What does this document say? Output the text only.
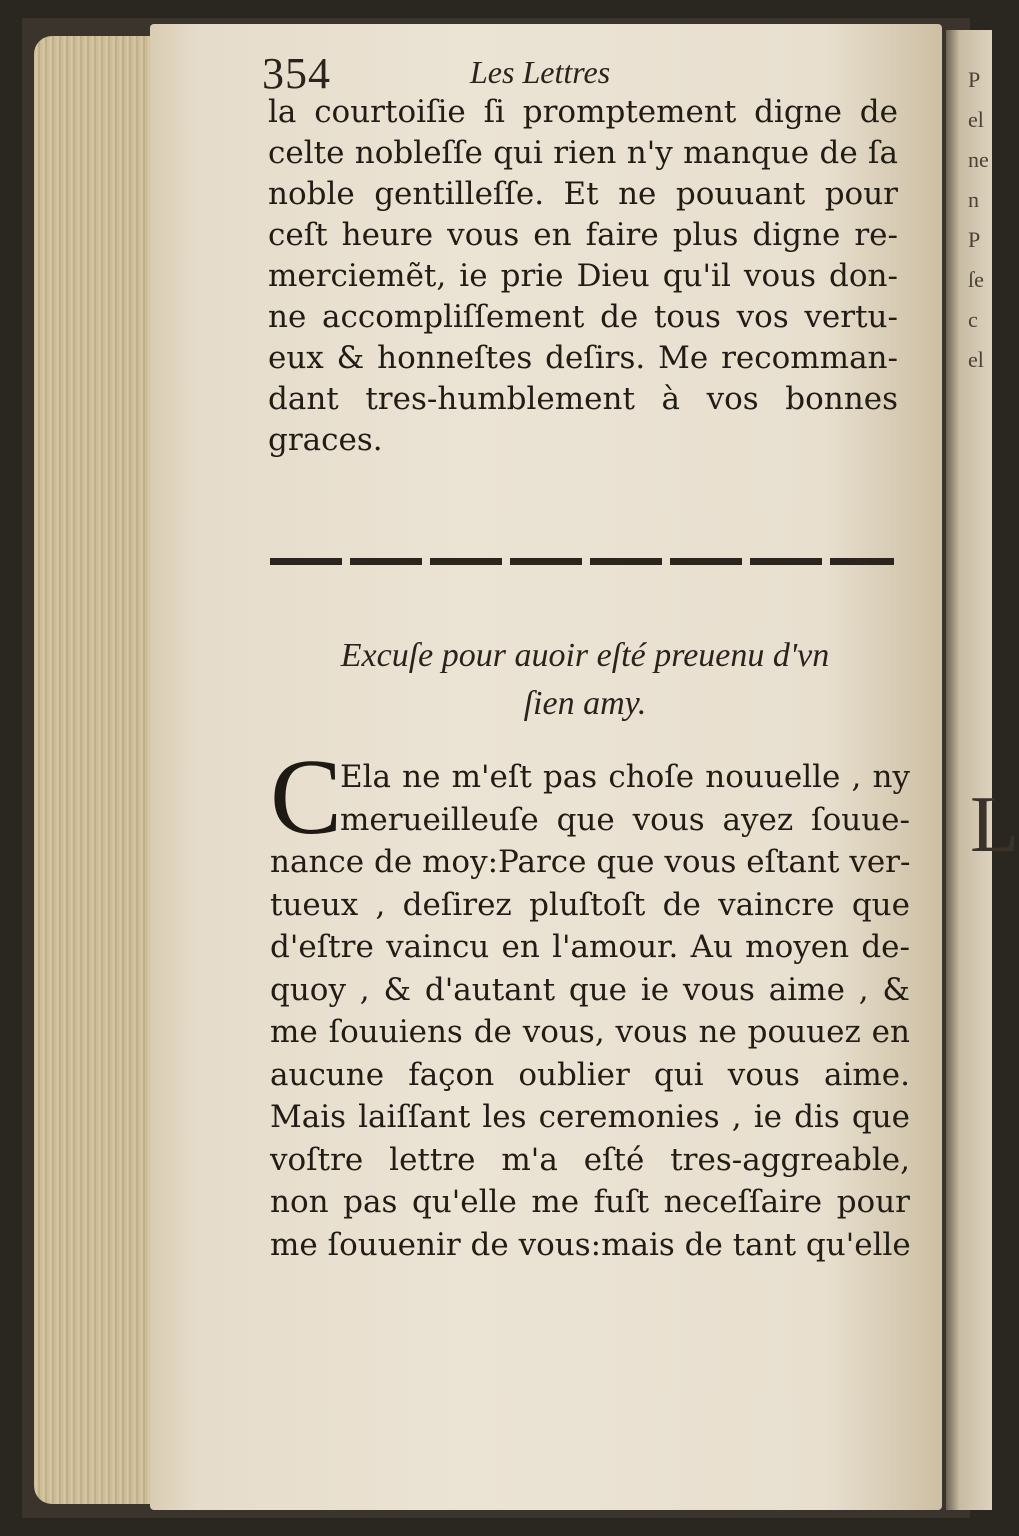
P
el
ne
n
P
ſe
c
el
L
354	Les Lettres
la courtoiſie ſi promptement digne de
celte nobleſſe qui rien n'y manque de ſa
noble gentilleſſe. Et ne pouuant pour
ceſt heure vous en faire plus digne re-
merciemẽt, ie prie Dieu qu'il vous don-
ne accompliſſement de tous vos vertu-
eux & honneſtes deſirs. Me recomman-
dant tres-humblement à vos bonnes
graces.
Excuſe pour auoir eſté preuenu d'vn
ſien amy.
C
Ela ne m'eſt pas choſe nouuelle , ny
merueilleuſe que vous ayez ſouue-
nance de moy:Parce que vous eſtant ver-
tueux , deſirez pluſtoſt de vaincre que
d'eſtre vaincu en l'amour. Au moyen de-
quoy , & d'autant que ie vous aime , &
me ſouuiens de vous, vous ne pouuez en
aucune façon oublier qui vous aime.
Mais laiſſant les ceremonies , ie dis que
voſtre lettre m'a eſté tres-aggreable,
non pas qu'elle me fuſt neceſſaire pour
me ſouuenir de vous:mais de tant qu'elle
